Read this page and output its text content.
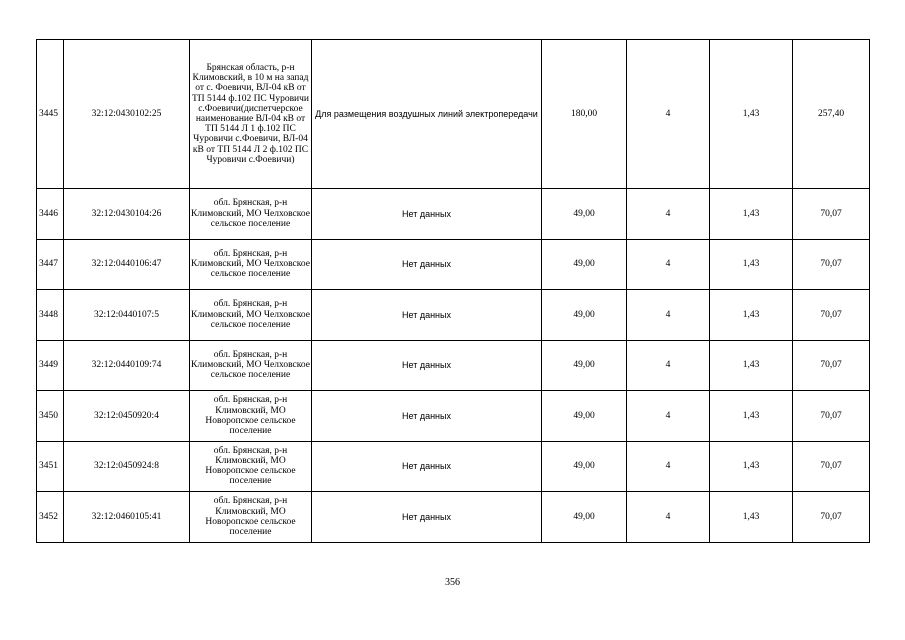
3445	32:12:0430102:25	Брянская область, р-н Климовский, в 10 м на запад от с. Фоевичи, ВЛ-04 кВ от ТП 5144 ф.102 ПС Чуровичи с.Фоевичи(диспетчерское наименование ВЛ-04 кВ от ТП 5144 Л 1 ф.102 ПС Чуровичи с.Фоевичи, ВЛ-04 кВ от ТП 5144 Л 2 ф.102 ПС Чуровичи с.Фоевичи)	Для размещения воздушных линий электропередачи	180,00	4	1,43	257,40
3446	32:12:0430104:26	обл. Брянская, р-н Климовский, МО Челховское сельское поселение	Нет данных	49,00	4	1,43	70,07
3447	32:12:0440106:47	обл. Брянская, р-н Климовский, МО Челховское сельское поселение	Нет данных	49,00	4	1,43	70,07
3448	32:12:0440107:5	обл. Брянская, р-н Климовский, МО Челховское сельское поселение	Нет данных	49,00	4	1,43	70,07
3449	32:12:0440109:74	обл. Брянская, р-н Климовский, МО Челховское сельское поселение	Нет данных	49,00	4	1,43	70,07
3450	32:12:0450920:4	обл. Брянская, р-н Климовский, МО Новоропское сельское поселение	Нет данных	49,00	4	1,43	70,07
3451	32:12:0450924:8	обл. Брянская, р-н Климовский, МО Новоропское сельское поселение	Нет данных	49,00	4	1,43	70,07
3452	32:12:0460105:41	обл. Брянская, р-н Климовский, МО Новоропское сельское поселение	Нет данных	49,00	4	1,43	70,07
356
